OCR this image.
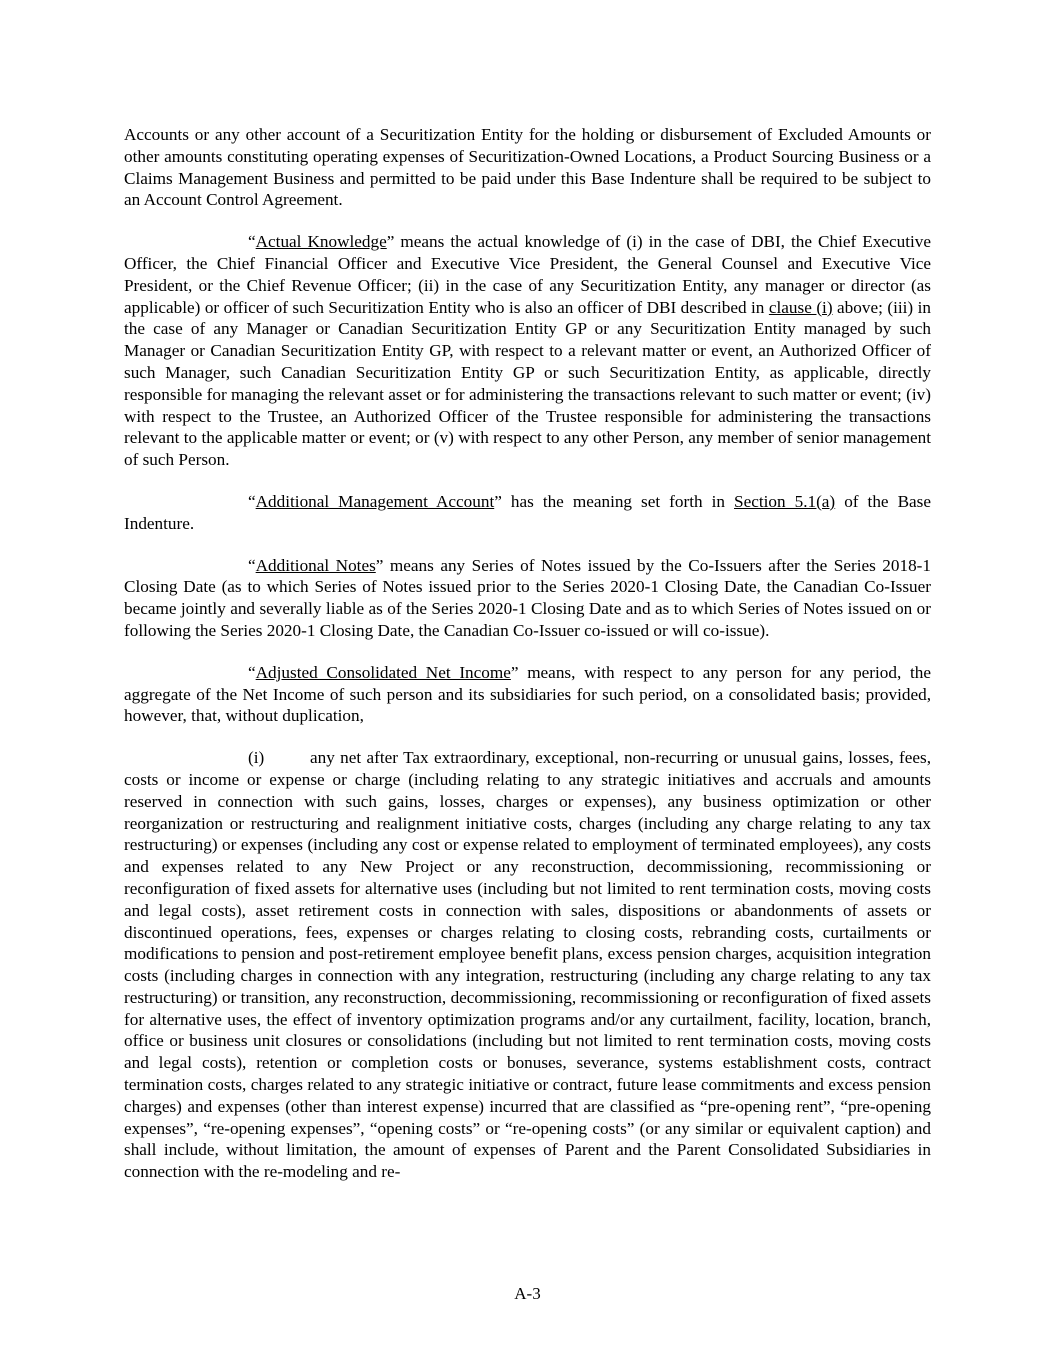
Accounts or any other account of a Securitization Entity for the holding or disbursement of Excluded Amounts or other amounts constituting operating expenses of Securitization-Owned Locations, a Product Sourcing Business or a Claims Management Business and permitted to be paid under this Base Indenture shall be required to be subject to an Account Control Agreement.

“Actual Knowledge” means the actual knowledge of (i) in the case of DBI, the Chief Executive Officer, the Chief Financial Officer and Executive Vice President, the General Counsel and Executive Vice President, or the Chief Revenue Officer; (ii) in the case of any Securitization Entity, any manager or director (as applicable) or officer of such Securitization Entity who is also an officer of DBI described in clause (i) above; (iii) in the case of any Manager or Canadian Securitization Entity GP or any Securitization Entity managed by such Manager or Canadian Securitization Entity GP, with respect to a relevant matter or event, an Authorized Officer of such Manager, such Canadian Securitization Entity GP or such Securitization Entity, as applicable, directly responsible for managing the relevant asset or for administering the transactions relevant to such matter or event; (iv) with respect to the Trustee, an Authorized Officer of the Trustee responsible for administering the transactions relevant to the applicable matter or event; or (v) with respect to any other Person, any member of senior management of such Person.

“Additional Management Account” has the meaning set forth in Section 5.1(a) of the Base Indenture.

“Additional Notes” means any Series of Notes issued by the Co-Issuers after the Series 2018-1 Closing Date (as to which Series of Notes issued prior to the Series 2020-1 Closing Date, the Canadian Co-Issuer became jointly and severally liable as of the Series 2020-1 Closing Date and as to which Series of Notes issued on or following the Series 2020-1 Closing Date, the Canadian Co-Issuer co-issued or will co-issue).

“Adjusted Consolidated Net Income” means, with respect to any person for any period, the aggregate of the Net Income of such person and its subsidiaries for such period, on a consolidated basis; provided, however, that, without duplication,

(i)	any net after Tax extraordinary, exceptional, non-recurring or unusual gains, losses, fees, costs or income or expense or charge (including relating to any strategic initiatives and accruals and amounts reserved in connection with such gains, losses, charges or expenses), any business optimization or other reorganization or restructuring and realignment initiative costs, charges (including any charge relating to any tax restructuring) or expenses (including any cost or expense related to employment of terminated employees), any costs and expenses related to any New Project or any reconstruction, decommissioning, recommissioning or reconfiguration of fixed assets for alternative uses (including but not limited to rent termination costs, moving costs and legal costs), asset retirement costs in connection with sales, dispositions or abandonments of assets or discontinued operations, fees, expenses or charges relating to closing costs, rebranding costs, curtailments or modifications to pension and post-retirement employee benefit plans, excess pension charges, acquisition integration costs (including charges in connection with any integration, restructuring (including any charge relating to any tax restructuring) or transition, any reconstruction, decommissioning, recommissioning or reconfiguration of fixed assets for alternative uses, the effect of inventory optimization programs and/or any curtailment, facility, location, branch, office or business unit closures or consolidations (including but not limited to rent termination costs, moving costs and legal costs), retention or completion costs or bonuses, severance, systems establishment costs, contract termination costs, charges related to any strategic initiative or contract, future lease commitments and excess pension charges) and expenses (other than interest expense) incurred that are classified as “pre-opening rent”, “pre-opening expenses”, “re-opening expenses”, “opening costs” or “re-opening costs” (or any similar or equivalent caption) and shall include, without limitation, the amount of expenses of Parent and the Parent Consolidated Subsidiaries in connection with the re-modeling and re-

A-3
